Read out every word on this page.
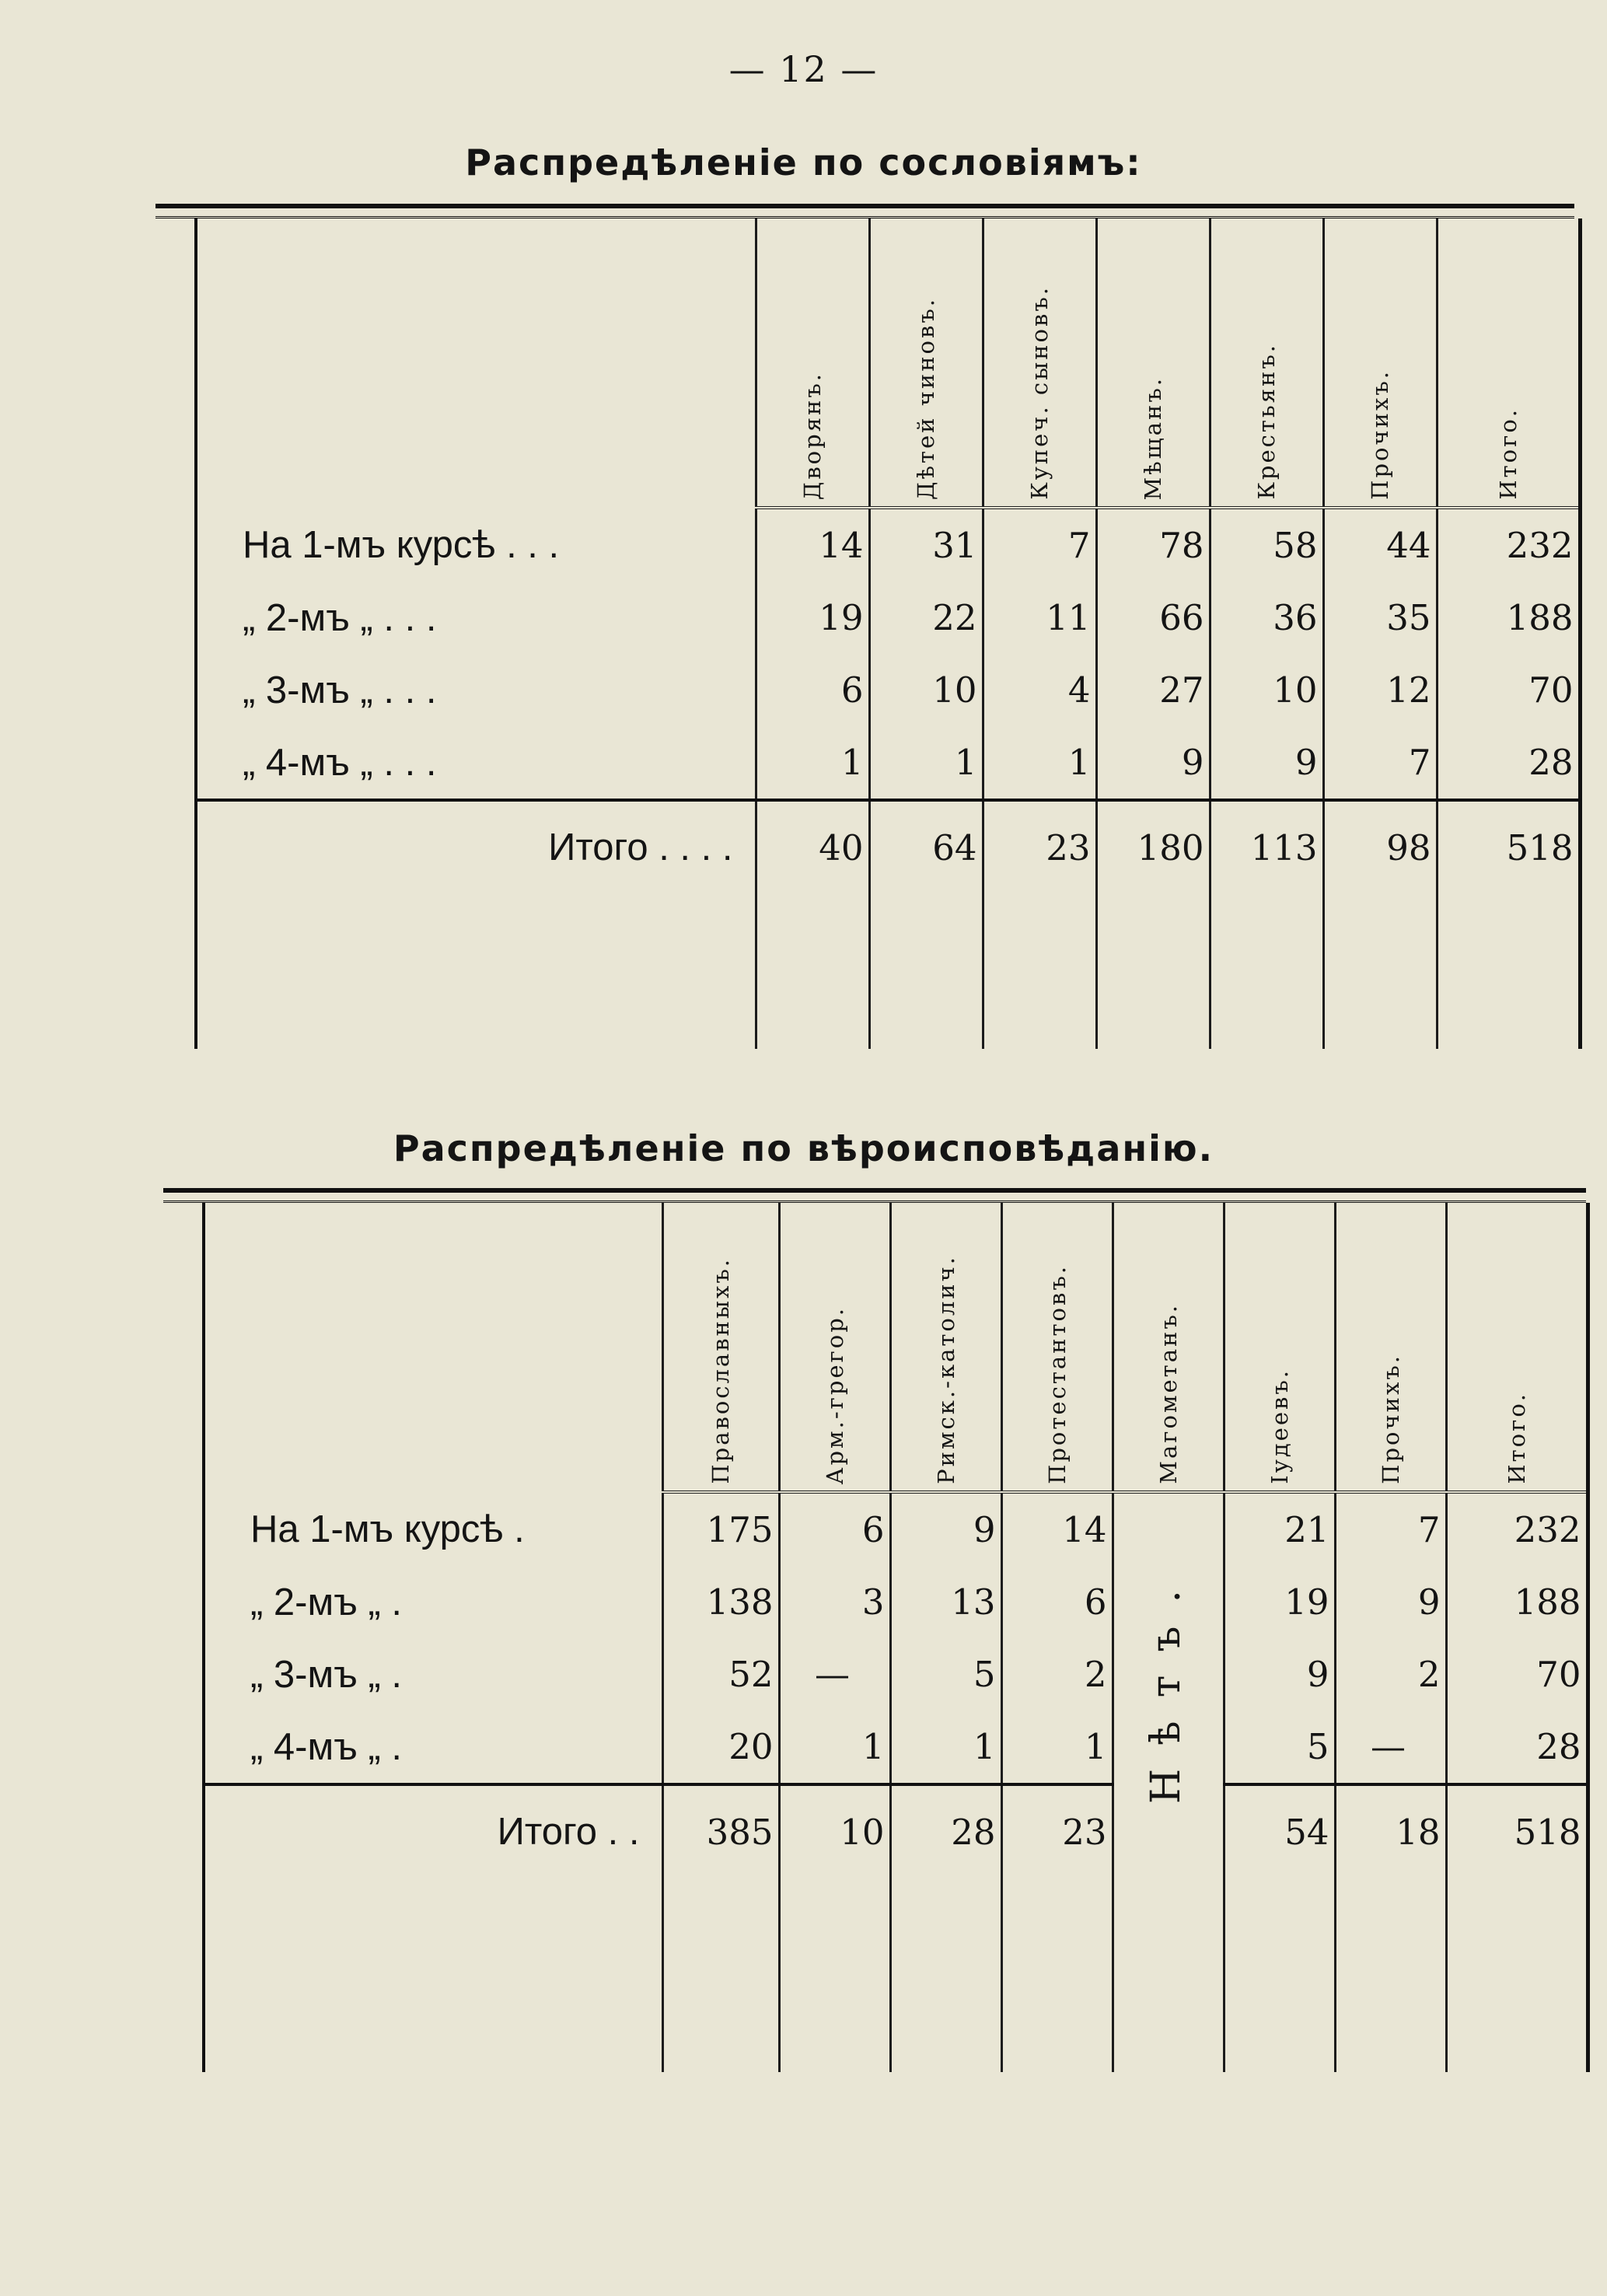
— 12 —
Распредѣленіе по сословіямъ:

	Дворянъ.	Дѣтей чиновъ.	Купеч. сыновъ.	Мѣщанъ.	Крестьянъ.	Прочихъ.	Итого.

На 1-мъ курсѣ . . .	14	31	7	78	58	44	232
„ 2-мъ „ . . .	19	22	11	66	36	35	188
„ 3-мъ „ . . .	6	10	4	27	10	12	70
„ 4-мъ „ . . .	1	1	1	9	9	7	28
Итого . . . .	40	64	23	180	113	98	518

Распредѣленіе по вѣроисповѣданію.

	Православныхъ.	Арм.-грегор.	Римск.-католич.	Протестантовъ.	Магометанъ.	Іудеевъ.	Прочихъ.	Итого.

На 1-мъ курсѣ .	175	6	9	14	Нѣтъ.	21	7	232
„ 2-мъ „ .	138	3	13	6		19	9	188
„ 3-мъ „ .	52	—	5	2		9	2	70
„ 4-мъ „ .	20	1	1	1		5	—	28
Итого . .	385	10	28	23		54	18	518
